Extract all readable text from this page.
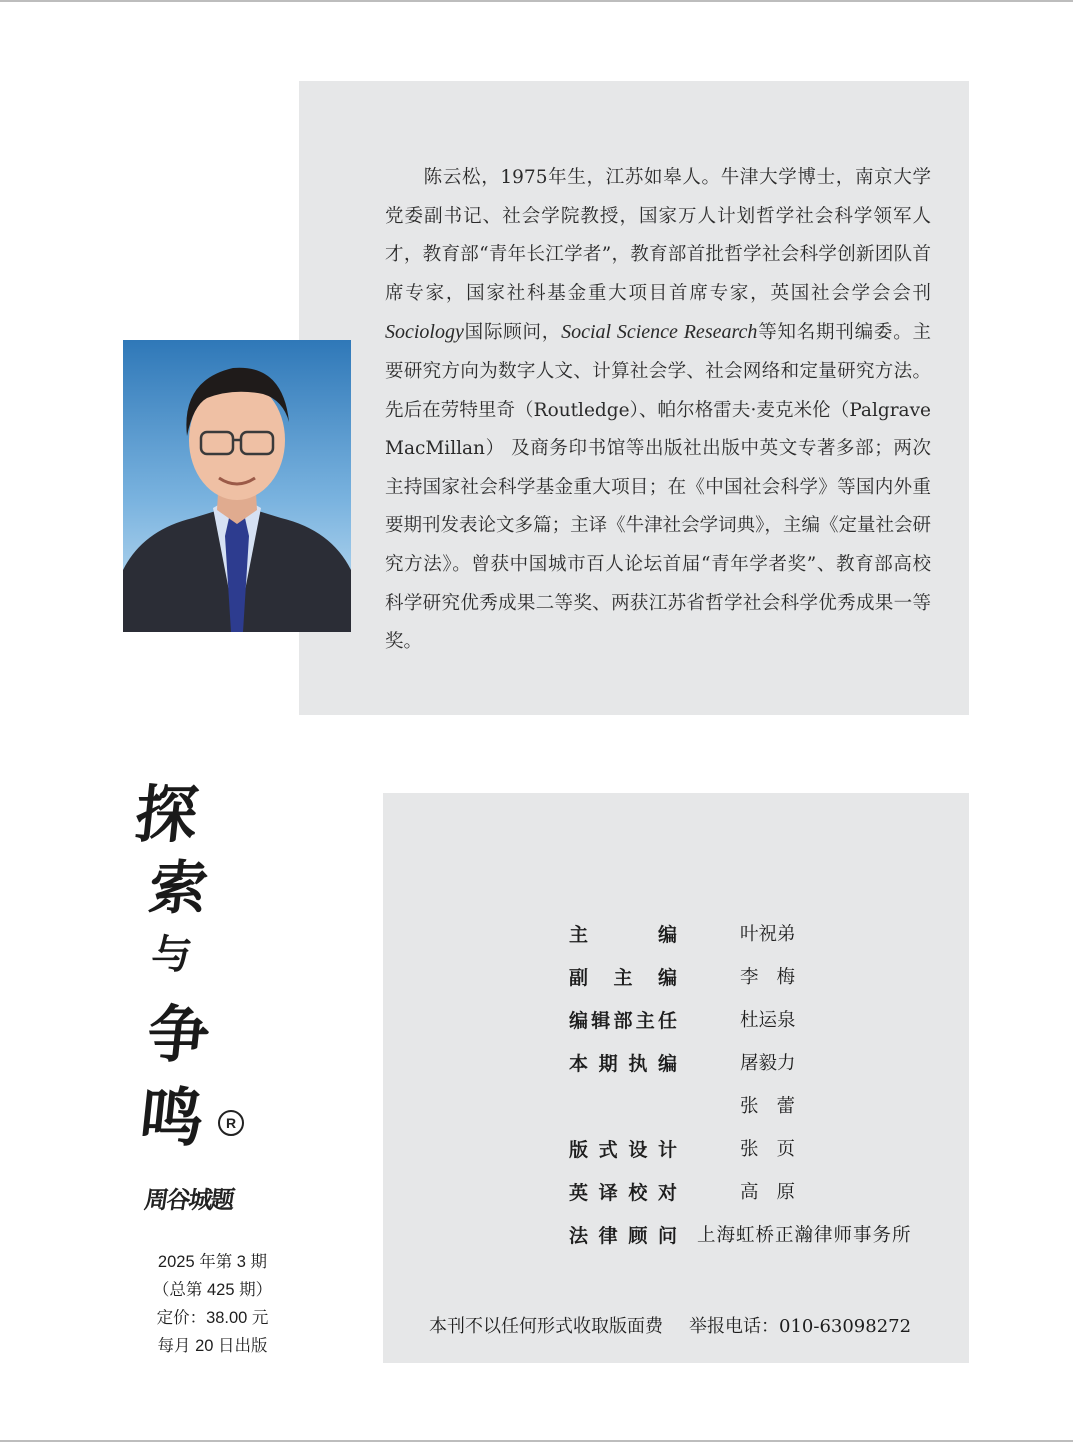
陈云松，1975年生，江苏如皋人。牛津大学博士，南京大学党委副书记、社会学院教授，国家万人计划哲学社会科学领军人才，教育部“青年长江学者”，教育部首批哲学社会科学创新团队首席专家，国家社科基金重大项目首席专家，英国社会学会会刊Sociology国际顾问，Social Science Research等知名期刊编委。主要研究方向为数字人文、计算社会学、社会网络和定量研究方法。先后在劳特里奇（Routledge）、帕尔格雷夫·麦克米伦（Palgrave MacMillan） 及商务印书馆等出版社出版中英文专著多部；两次主持国家社会科学基金重大项目；在《中国社会科学》等国内外重要期刊发表论文多篇；主译《牛津社会学词典》，主编《定量社会研究方法》。曾获中国城市百人论坛首届“青年学者奖”、教育部高校科学研究优秀成果二等奖、两获江苏省哲学社会科学优秀成果一等奖。
探
索
与
争
鸣	R
周谷城题
2025 年第 3 期
（总第 425 期）
定价：38.00 元
每月 20 日出版
主　　编	叶祝弟
副 主 编	李梅
编辑部主任	杜运泉
本期执编	屠毅力
张蕾
版式设计	张页
英译校对	高原
法律顾问 上海虹桥正瀚律师事务所
本刊不以任何形式收取版面费 举报电话：010-63098272
